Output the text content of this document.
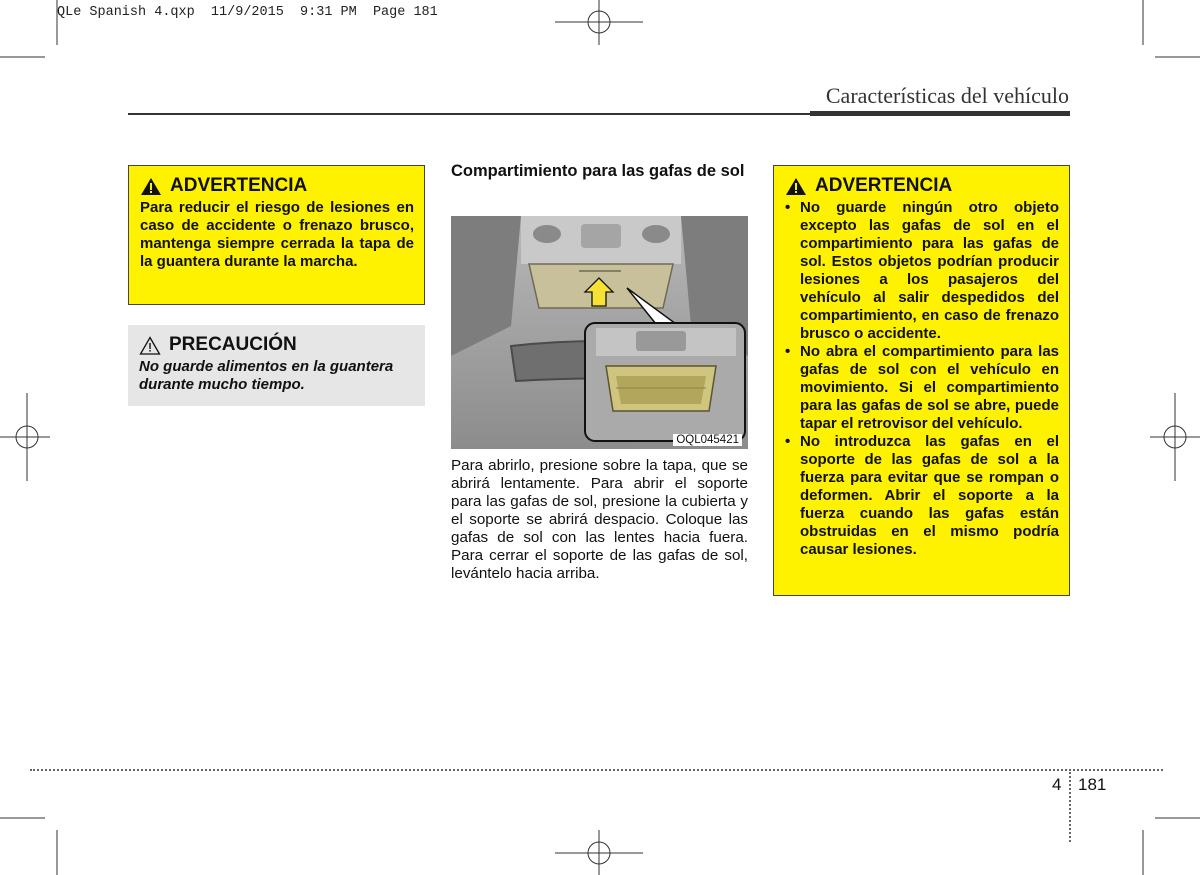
QLe Spanish 4.qxp  11/9/2015  9:31 PM  Page 181
Características del vehículo
ADVERTENCIA
Para reducir el riesgo de lesiones en caso de accidente o frenazo brusco, mantenga siempre cerrada la tapa de la guantera durante la marcha.
PRECAUCIÓN
No guarde alimentos en la guantera durante mucho tiempo.
Compartimiento para las gafas de sol
OQL045421
Para abrirlo, presione sobre la tapa, que se abrirá lentamente. Para abrir el soporte para las gafas de sol, presione la cubierta y el soporte se abrirá despacio. Coloque las gafas de sol con las lentes hacia fuera. Para cerrar el soporte de las gafas de sol, levántelo hacia arriba.
ADVERTENCIA
• No guarde ningún otro objeto excepto las gafas de sol en el compartimiento para las gafas de sol. Estos objetos podrían producir lesiones a los pasajeros del vehículo al salir despedidos del compartimiento, en caso de frenazo brusco o accidente.
• No abra el compartimiento para las gafas de sol con el vehículo en movimiento. Si el compartimiento para las gafas de sol se abre, puede tapar el retrovisor del vehículo.
• No introduzca las gafas en el soporte de las gafas de sol a la fuerza para evitar que se rompan o deformen. Abrir el soporte a la fuerza cuando las gafas están obstruidas en el mismo podría causar lesiones.
4 181
